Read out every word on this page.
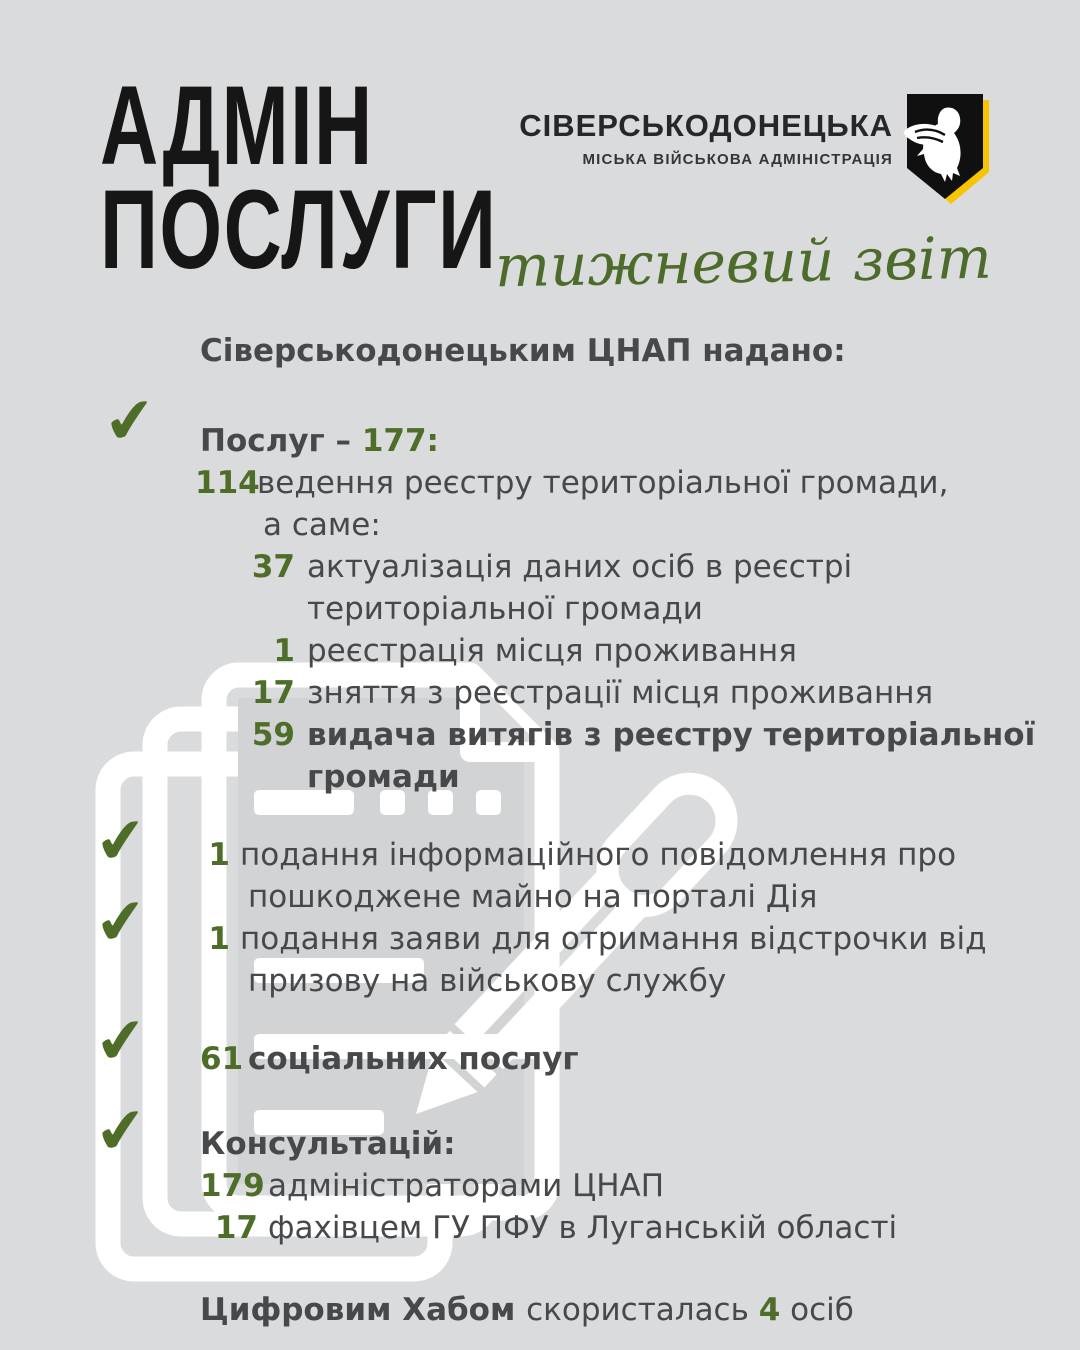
АДМІН
ПОСЛУГИ
СІВЕРСЬКОДОНЕЦЬКА
МІСЬКА ВІЙСЬКОВА АДМІНІСТРАЦІЯ
тижневий звіт
✔
✔
✔
✔
✔
Сіверськодонецьким ЦНАП надано:
Послуг – 177:
114ведення реєстру територіальної громади,
а саме:
37 актуалізація даних осіб в реєстрі
територіальної громади
1 реєстрація місця проживання
17 зняття з реєстрації місця проживання
59 видача витягів з реєстру територіальної
громади
1 подання інформаційного повідомлення про
пошкоджене майно на порталі Дія
1 подання заяви для отримання відстрочки від
призову на військову службу
61 соціальних послуг
Консультацій:
179 адміністраторами ЦНАП
17 фахівцем ГУ ПФУ в Луганській області
Цифровим Хабом скористалась 4 осіб
